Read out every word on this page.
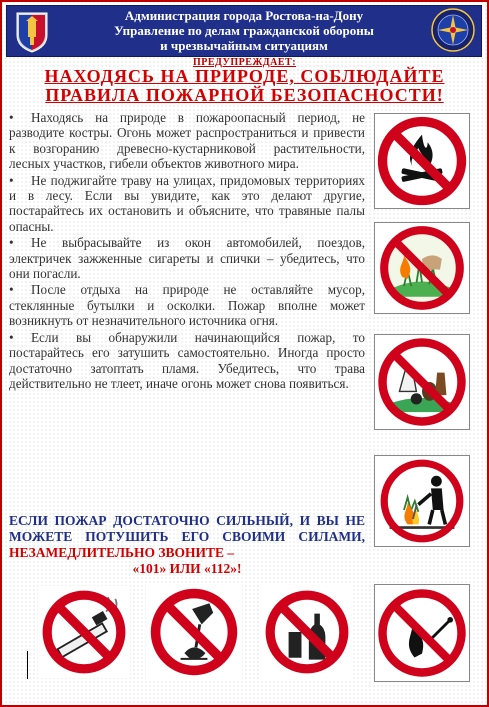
Администрация города Ростова-на-Дону
Управление по делам гражданской обороны
и чрезвычайным ситуациям
ПРЕДУПРЕЖДАЕТ:
НАХОДЯСЬ НА ПРИРОДЕ, СОБЛЮДАЙТЕ
ПРАВИЛА ПОЖАРНОЙ БЕЗОПАСНОСТИ!
• Находясь на природе в пожароопасный период, не разводите костры. Огонь может распространиться и привести к возгоранию древесно-кустарниковой растительности, лесных участков, гибели объектов животного мира.
• Не поджигайте траву на улицах, придомовых территориях и в лесу. Если вы увидите, как это делают другие, постарайтесь их остановить и объясните, что травяные палы опасны.
• Не выбрасывайте из окон автомобилей, поездов, электричек зажженные сигареты и спички – убедитесь, что они погасли.
• После отдыха на природе не оставляйте мусор, стеклянные бутылки и осколки. Пожар вполне может возникнуть от незначительного источника огня.
• Если вы обнаружили начинающийся пожар, то постарайтесь его затушить самостоятельно. Иногда просто достаточно затоптать пламя. Убедитесь, что трава действительно не тлеет, иначе огонь может снова появиться.
ЕСЛИ ПОЖАР ДОСТАТОЧНО СИЛЬНЫЙ, И ВЫ НЕ МОЖЕТЕ ПОТУШИТЬ ЕГО СВОИМИ СИЛАМИ, НЕЗАМЕДЛИТЕЛЬНО ЗВОНИТЕ –
«101» ИЛИ «112»!
